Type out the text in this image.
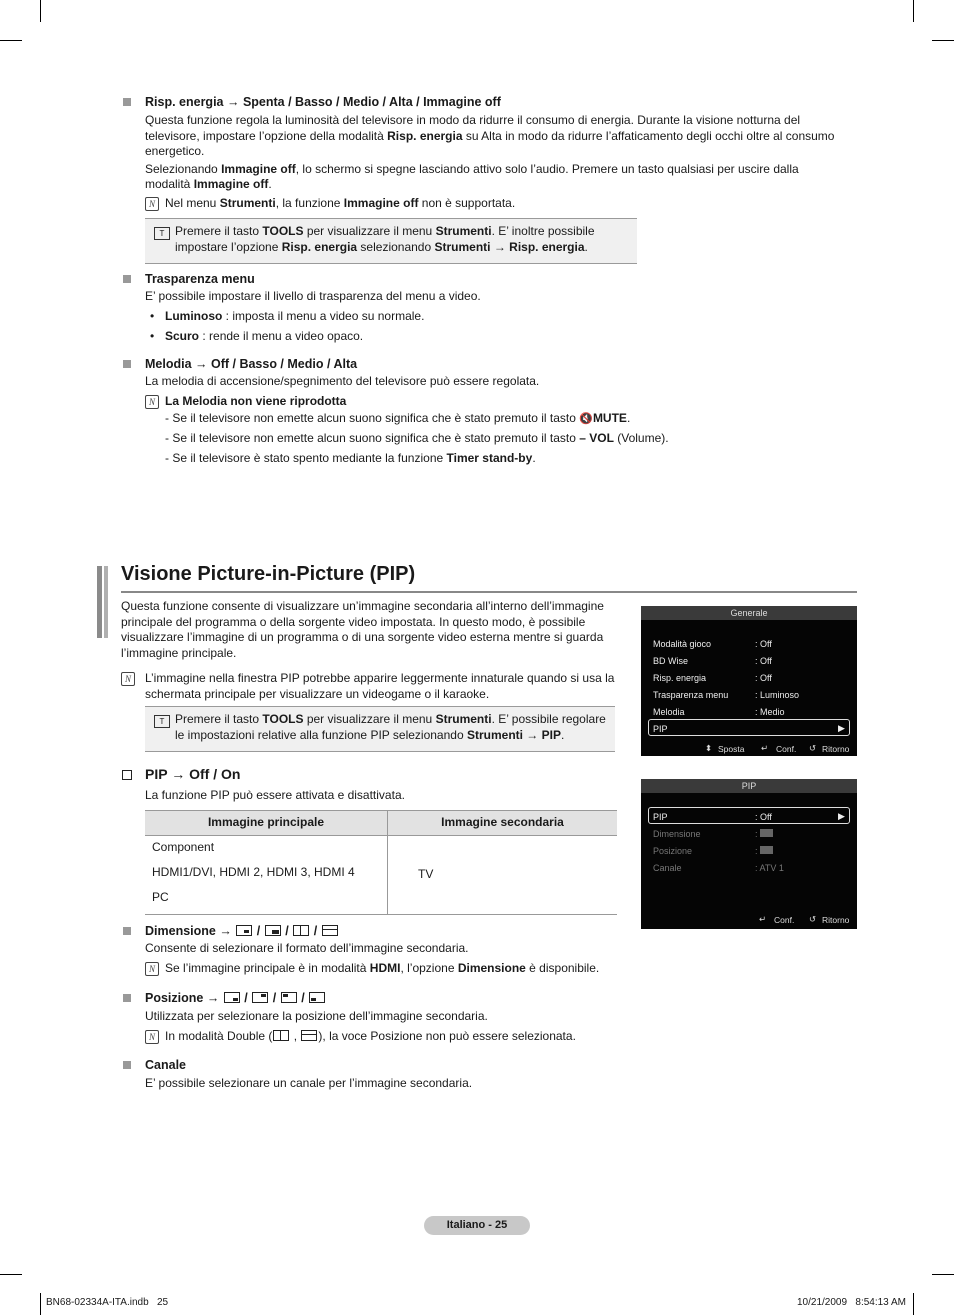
Risp. energia → Spenta / Basso / Medio / Alta / Immagine off
Questa funzione regola la luminosità del televisore in modo da ridurre il consumo di energia. Durante la visione notturna del
televisore, impostare l’opzione della modalità Risp. energia su Alta in modo da ridurre l’affaticamento degli occhi oltre al consumo
energetico.
Selezionando Immagine off, lo schermo si spegne lasciando attivo solo l’audio. Premere un tasto qualsiasi per uscire dalla
modalità Immagine off.
N Nel menu Strumenti, la funzione Immagine off non è supportata.
T Premere il tasto TOOLS per visualizzare il menu Strumenti. E’ inoltre possibile
impostare l’opzione Risp. energia selezionando Strumenti → Risp. energia.
Trasparenza menu
E’ possibile impostare il livello di trasparenza del menu a video.
• Luminoso : imposta il menu a video su normale.
• Scuro : rende il menu a video opaco.
Melodia → Off / Basso / Medio / Alta
La melodia di accensione/spegnimento del televisore può essere regolata.
N La Melodia non viene riprodotta
- Se il televisore non emette alcun suono significa che è stato premuto il tasto 🔇MUTE.
- Se il televisore non emette alcun suono significa che è stato premuto il tasto – VOL (Volume).
- Se il televisore è stato spento mediante la funzione Timer stand-by.
Visione Picture-in-Picture (PIP)
Questa funzione consente di visualizzare un’immagine secondaria all’interno dell’immagine
principale del programma o della sorgente video impostata. In questo modo, è possibile
visualizzare l’immagine di un programma o di una sorgente video esterna mentre si guarda
l’immagine principale.
N	L’immagine nella finestra PIP potrebbe apparire leggermente innaturale quando si usa la
schermata principale per visualizzare un videogame o il karaoke.
T Premere il tasto TOOLS per visualizzare il menu Strumenti. E’ possibile regolare
le impostazioni relative alla funzione PIP selezionando Strumenti → PIP.
PIP → Off / On
La funzione PIP può essere attivata e disattivata.
Immagine principale	Immagine secondaria

Component
HDMI1/DVI, HDMI 2, HDMI 3, HDMI 4
PC	TV
Dimensione →
/ / /
Consente di selezionare il formato dell’immagine secondaria.
N Se l’immagine principale è in modalità HDMI, l’opzione Dimensione è disponibile.
Posizione →
/ / /
Utilizzata per selezionare la posizione dell’immagine secondaria.
N In modalità Double (
,
), la voce Posizione non può essere selezionata.
Canale
E’ possibile selezionare un canale per l’immagine secondaria.
Generale
Modalità gioco	: Off
BD Wise	: Off
Risp. energia	: Off
Trasparenza menu	: Luminoso
Melodia	: Medio
PIP	▶
⬍ Sposta ↵ Conf. ↺ Ritorno
PIP
PIP	: Off	▶
Dimensione	:
Posizione	:
Canale	: ATV 1
↵ Conf. ↺ Ritorno
Italiano - 25
BN68-02334A-ITA.indb   25	10/21/2009   8:54:13 AM
